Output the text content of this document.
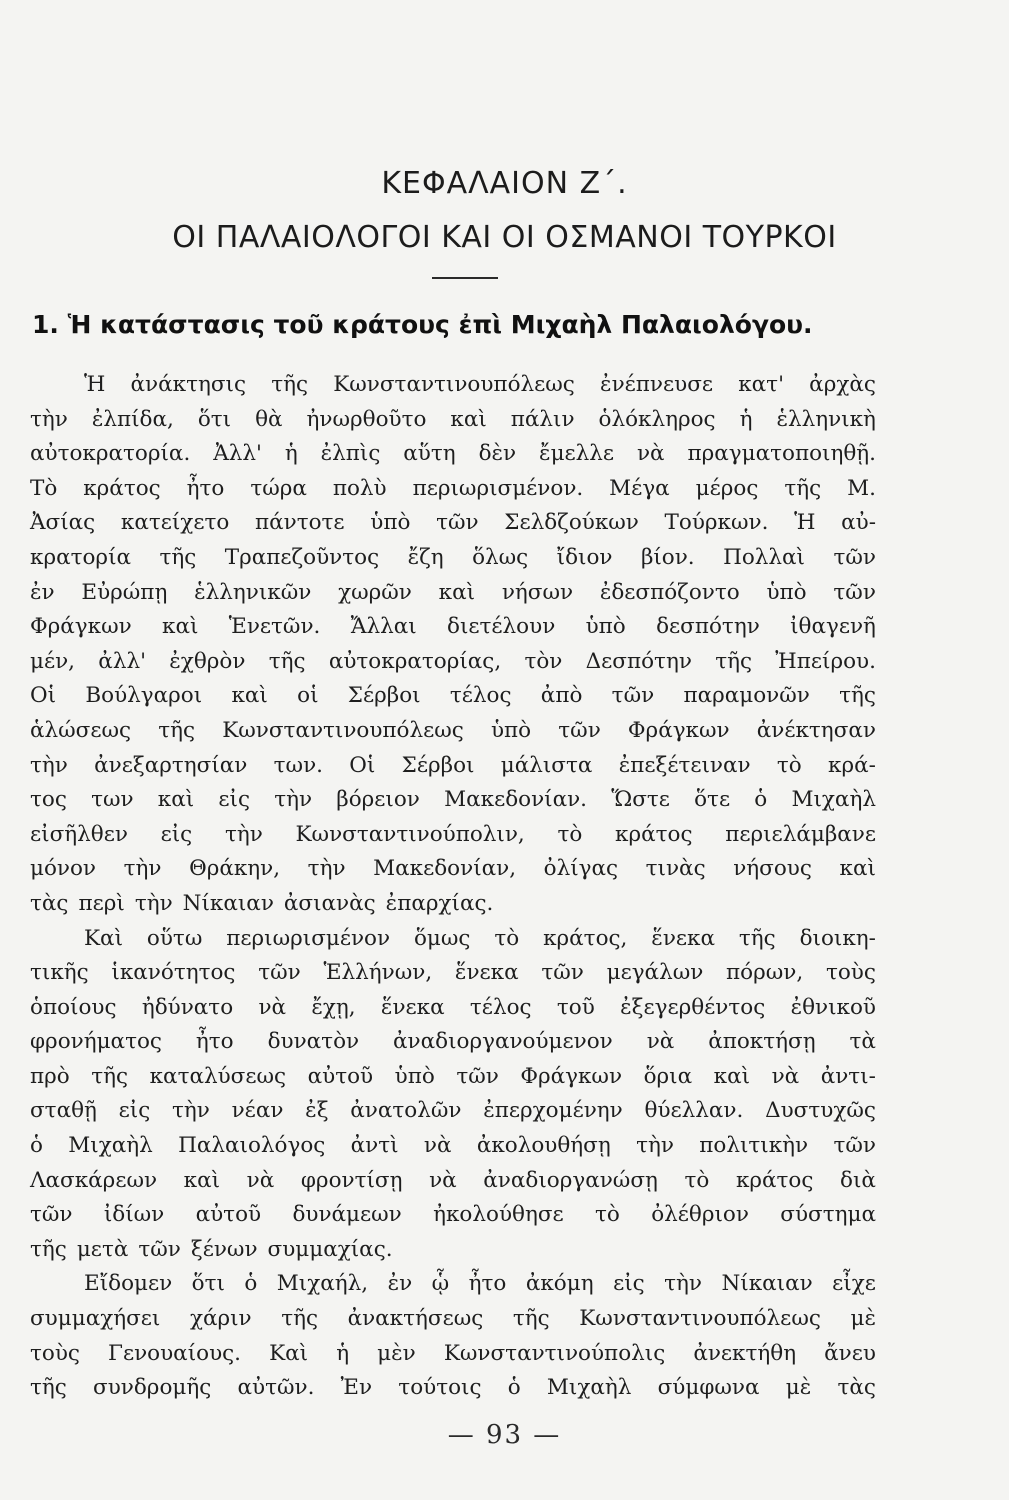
ΚΕΦΑΛΑΙΟΝ Ζ΄.
ΟΙ ΠΑΛΑΙΟΛΟΓΟΙ ΚΑΙ ΟΙ ΟΣΜΑΝΟΙ ΤΟΥΡΚΟΙ
1. Ἡ κατάστασις τοῦ κράτους ἐπὶ Μιχαὴλ Παλαιολόγου.
Ἡ ἀνάκτησις τῆς Κωνσταντινουπόλεως ἐνέπνευσε κατ' ἀρχὰς
τὴν ἐλπίδα, ὅτι θὰ ἠνωρθοῦτο καὶ πάλιν ὁλόκληρος ἡ ἑλληνικὴ
αὐτοκρατορία. Ἀλλ' ἡ ἐλπὶς αὕτη δὲν ἔμελλε νὰ πραγματοποιηθῇ.
Τὸ κράτος ἦτο τώρα πολὺ περιωρισμένον. Μέγα μέρος τῆς Μ.
Ἀσίας κατείχετο πάντοτε ὑπὸ τῶν Σελδζούκων Τούρκων. Ἡ αὐ-
κρατορία τῆς Τραπεζοῦντος ἔζη ὅλως ἴδιον βίον. Πολλαὶ τῶν
ἐν Εὐρώπῃ ἑλληνικῶν χωρῶν καὶ νήσων ἐδεσπόζοντο ὑπὸ τῶν
Φράγκων καὶ Ἑνετῶν. Ἄλλαι διετέλουν ὑπὸ δεσπότην ἰθαγενῆ
μέν, ἀλλ' ἐχθρὸν τῆς αὐτοκρατορίας, τὸν Δεσπότην τῆς Ἠπείρου.
Οἱ Βούλγαροι καὶ οἱ Σέρβοι τέλος ἀπὸ τῶν παραμονῶν τῆς
ἁλώσεως τῆς Κωνσταντινουπόλεως ὑπὸ τῶν Φράγκων ἀνέκτησαν
τὴν ἀνεξαρτησίαν των. Οἱ Σέρβοι μάλιστα ἐπεξέτειναν τὸ κρά-
τος των καὶ εἰς τὴν βόρειον Μακεδονίαν. Ὥστε ὅτε ὁ Μιχαὴλ
εἰσῆλθεν εἰς τὴν Κωνσταντινούπολιν, τὸ κράτος περιελάμβανε
μόνον τὴν Θράκην, τὴν Μακεδονίαν, ὀλίγας τινὰς νήσους καὶ
τὰς περὶ τὴν Νίκαιαν ἀσιανὰς ἐπαρχίας.
Καὶ οὕτω περιωρισμένον ὅμως τὸ κράτος, ἕνεκα τῆς διοικη-
τικῆς ἱκανότητος τῶν Ἑλλήνων, ἕνεκα τῶν μεγάλων πόρων, τοὺς
ὁποίους ἠδύνατο νὰ ἔχῃ, ἕνεκα τέλος τοῦ ἐξεγερθέντος ἐθνικοῦ
φρονήματος ἦτο δυνατὸν ἀναδιοργανούμενον νὰ ἀποκτήσῃ τὰ
πρὸ τῆς καταλύσεως αὐτοῦ ὑπὸ τῶν Φράγκων ὅρια καὶ νὰ ἀντι-
σταθῇ εἰς τὴν νέαν ἐξ ἀνατολῶν ἐπερχομένην θύελλαν. Δυστυχῶς
ὁ Μιχαὴλ Παλαιολόγος ἀντὶ νὰ ἀκολουθήσῃ τὴν πολιτικὴν τῶν
Λασκάρεων καὶ νὰ φροντίσῃ νὰ ἀναδιοργανώσῃ τὸ κράτος διὰ
τῶν ἰδίων αὐτοῦ δυνάμεων ἠκολούθησε τὸ ὀλέθριον σύστημα
τῆς μετὰ τῶν ξένων συμμαχίας.
Εἴδομεν ὅτι ὁ Μιχαήλ, ἐν ᾧ ἦτο ἀκόμη εἰς τὴν Νίκαιαν εἶχε
συμμαχήσει χάριν τῆς ἀνακτήσεως τῆς Κωνσταντινουπόλεως μὲ
τοὺς Γενουαίους. Καὶ ἡ μὲν Κωνσταντινούπολις ἀνεκτήθη ἄνευ
τῆς συνδρομῆς αὐτῶν. Ἐν τούτοις ὁ Μιχαὴλ σύμφωνα μὲ τὰς
— 93 —
